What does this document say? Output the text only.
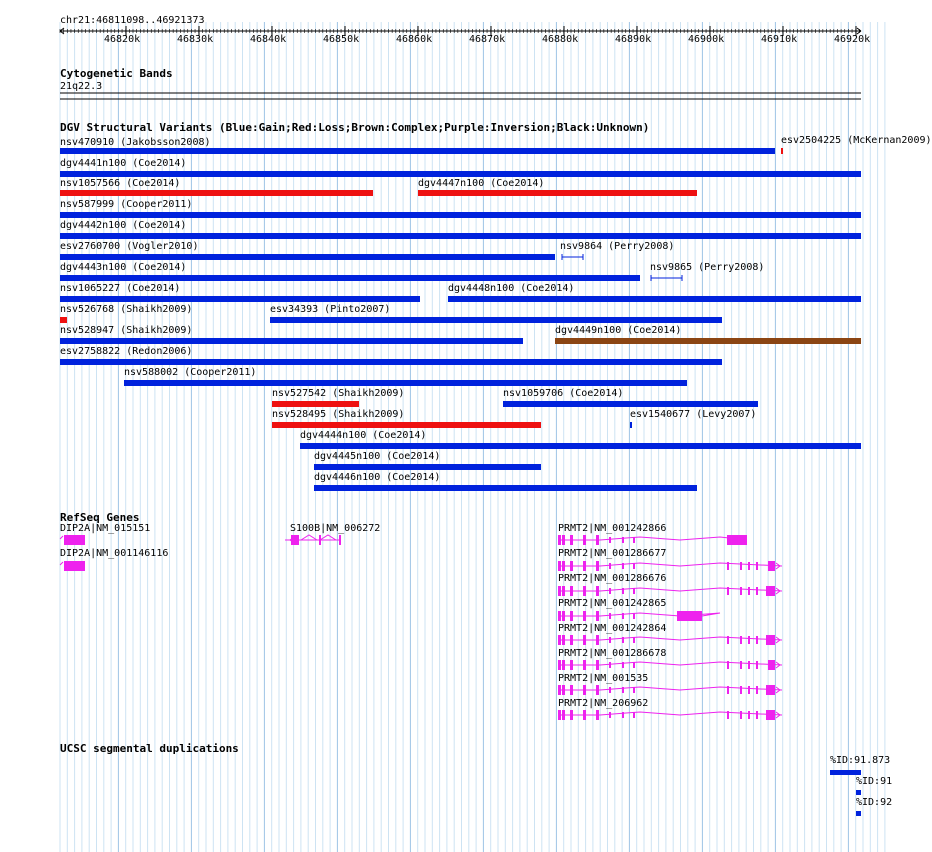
chr21:46811098..46921373
46820k	46830k	46840k	46850k	46860k	46870k	46880k	46890k	46900k	46910k	46920k
Cytogenetic Bands
21q22.3
DGV Structural Variants (Blue:Gain;Red:Loss;Brown:Complex;Purple:Inversion;Black:Unknown)
nsv470910 (Jakobsson2008)	esv2504225 (McKernan2009)
dgv4441n100 (Coe2014)
nsv1057566 (Coe2014)	dgv4447n100 (Coe2014)
nsv587999 (Cooper2011)
dgv4442n100 (Coe2014)
esv2760700 (Vogler2010)	nsv9864 (Perry2008)
dgv4443n100 (Coe2014)	nsv9865 (Perry2008)
nsv1065227 (Coe2014)	dgv4448n100 (Coe2014)
nsv526768 (Shaikh2009)	esv34393 (Pinto2007)
nsv528947 (Shaikh2009)	dgv4449n100 (Coe2014)
esv2758822 (Redon2006)
nsv588002 (Cooper2011)
nsv527542 (Shaikh2009)	nsv1059706 (Coe2014)
nsv528495 (Shaikh2009)	esv1540677 (Levy2007)
dgv4444n100 (Coe2014)
dgv4445n100 (Coe2014)
dgv4446n100 (Coe2014)
RefSeq Genes
DIP2A|NM_015151
DIP2A|NM_001146116
S100B|NM_006272	PRMT2|NM_001242866
PRMT2|NM_001286677
PRMT2|NM_001286676
PRMT2|NM_001242865
PRMT2|NM_001242864
PRMT2|NM_001286678
PRMT2|NM_001535
PRMT2|NM_206962
UCSC segmental duplications
%ID:91.873
%ID:91
%ID:92
